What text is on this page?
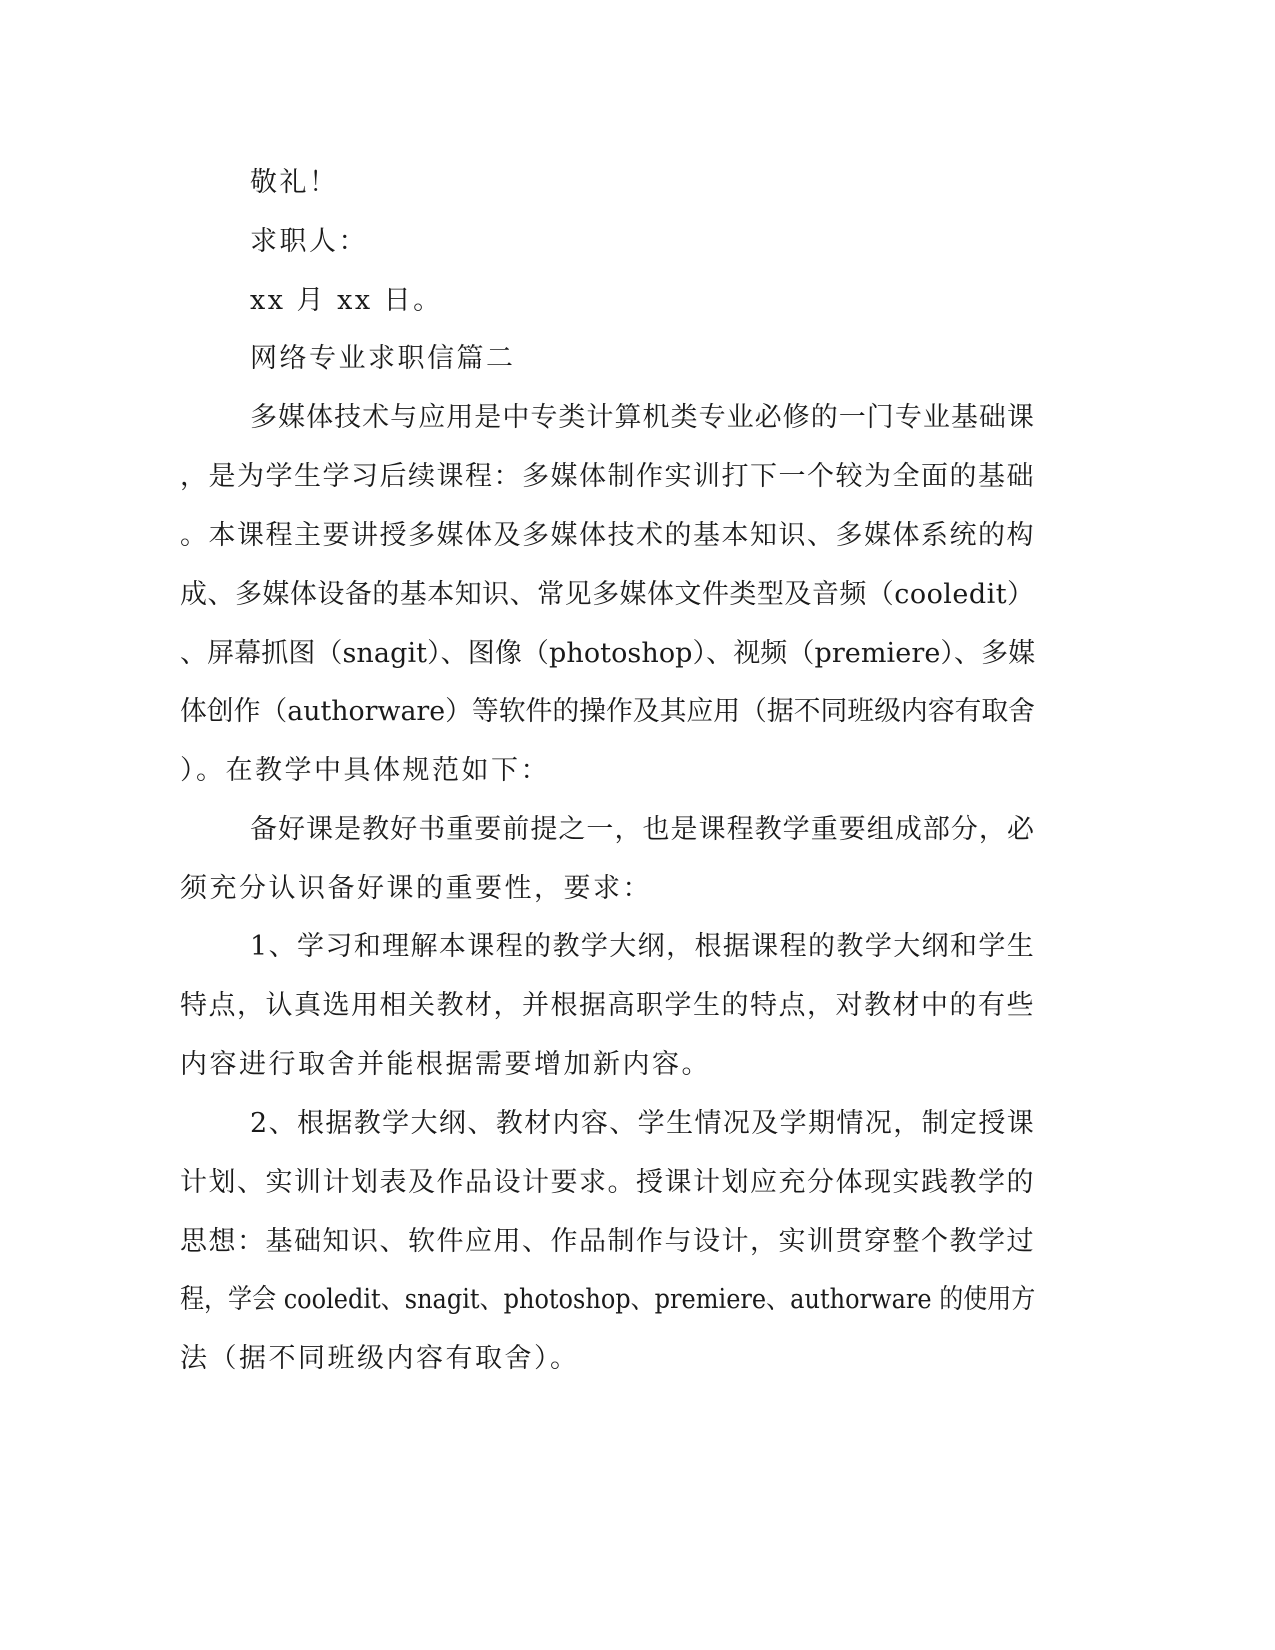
敬礼！

求职人：

xx 月 xx 日。

网络专业求职信篇二

多媒体技术与应用是中专类计算机类专业必修的一门专业基础课

，是为学生学习后续课程：多媒体制作实训打下一个较为全面的基础

。本课程主要讲授多媒体及多媒体技术的基本知识、多媒体系统的构

成、多媒体设备的基本知识、常见多媒体文件类型及音频（cooledit）

、屏幕抓图（snagit）、图像（photoshop）、视频（premiere）、多媒

体创作（authorware）等软件的操作及其应用（据不同班级内容有取舍

）。在教学中具体规范如下：

备好课是教好书重要前提之一，也是课程教学重要组成部分，必

须充分认识备好课的重要性，要求：

1、学习和理解本课程的教学大纲，根据课程的教学大纲和学生

特点，认真选用相关教材，并根据高职学生的特点，对教材中的有些

内容进行取舍并能根据需要增加新内容。

2、根据教学大纲、教材内容、学生情况及学期情况，制定授课

计划、实训计划表及作品设计要求。授课计划应充分体现实践教学的

思想：基础知识、软件应用、作品制作与设计，实训贯穿整个教学过

程，学会 cooledit、snagit、photoshop、premiere、authorware 的使用方

法（据不同班级内容有取舍）。
